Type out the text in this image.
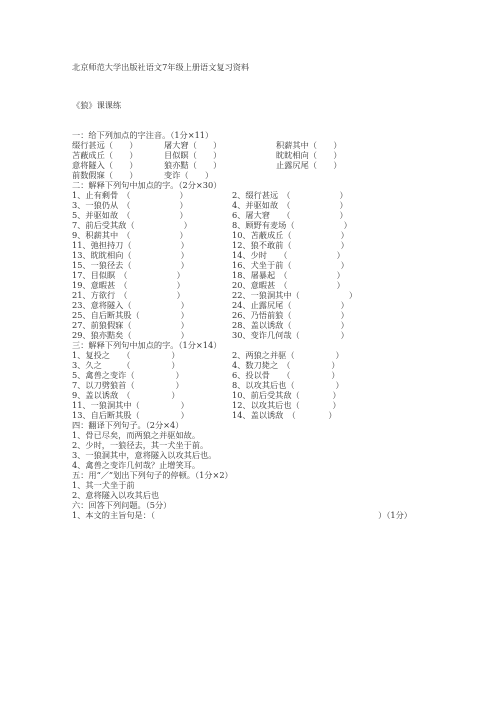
北京师范大学出版社语文7年级上册语文复习资料
《狼》课课练
一：给下列加点的字注音。（1分×11）
缀行甚远（　　）	屠大窘（　　）	积薪其中（　　）
苫蔽成丘（　　）	目似瞑（　　）	眈眈相向（　　）
意将隧入（　　）	狼亦黠（　　）	止露尻尾（　　）
前数假寐（　　）	变诈（　　）
二：解释下列句中加点的字。（2分×30）
1、止有剩骨　（　　　　　　）	2、缀行甚远　（　　　　　　）
3、一狼仍从　（　　　　　　）	4、并驱如故　（　　　　　　）
5、并驱如故　（　　　　　　）	6、屠大窘　　（　　　　　　）
7、前后受其敌（　　　　　　）	8、顾野有麦场（　　　　　　）
9、积薪其中　（　　　　　　）	10、苫蔽成丘（　　　　　　）
11、弛担持刀（　　　　　　）	12、狼不敢前（　　　　　　）
13、眈眈相向（　　　　　　）	14、少时　　（　　　　　　）
15、一狼径去（　　　　　　）	16、犬坐于前（　　　　　　）
17、目似瞑　（　　　　　　）	18、屠暴起　（　　　　　　）
19、意暇甚　（　　　　　　）	20、意暇甚　（　　　　　　）
21、方欲行　（　　　　　　）	22、一狼洞其中（　　　　　　）
23、意将隧入（　　　　　　）	24、止露尻尾（　　　　　　）
25、自后断其股（　　　　　）	26、乃悟前狼（　　　　　　）
27、前狼假寐（　　　　　　）	28、盖以诱敌（　　　　　　）
29、狼亦黠矣（　　　　　　）	30、变诈几何哉（　　　　　）
三：解释下列句中加点的字。（1分×14）
1、复投之　　（　　　　　）	2、两狼之并驱（　　　　　）
3、久之　　　（　　　　　）	4、数刀毙之　（　　　　　）
5、禽兽之变诈（　　　　　）	6、投以骨　　（　　　　　）
7、以刀劈狼首（　　　　　）	8、以攻其后也（　　　　　）
9、盖以诱敌　（　　　　　）	10、前后受其敌（　　　　）
11、一狼洞其中（　　　　　）	12、以攻其后也（　　　　）
13、自后断其股（　　　　　）	14、盖以诱敌　（　　　　）
四：翻译下列句子。（2分×4）
1、骨已尽矣，而两狼之并驱如故。
2、少时，一狼径去，其一犬坐于前。
3、一狼洞其中，意将隧入以攻其后也。
4、禽兽之变诈几何哉？止增笑耳。
五：用“／”划出下列句子的停顿。（1分×2）
1、其一犬坐于前
2、意将隧入以攻其后也
六：回答下列问题。（5分）
1、本文的主旨句是：（	）（1分）
